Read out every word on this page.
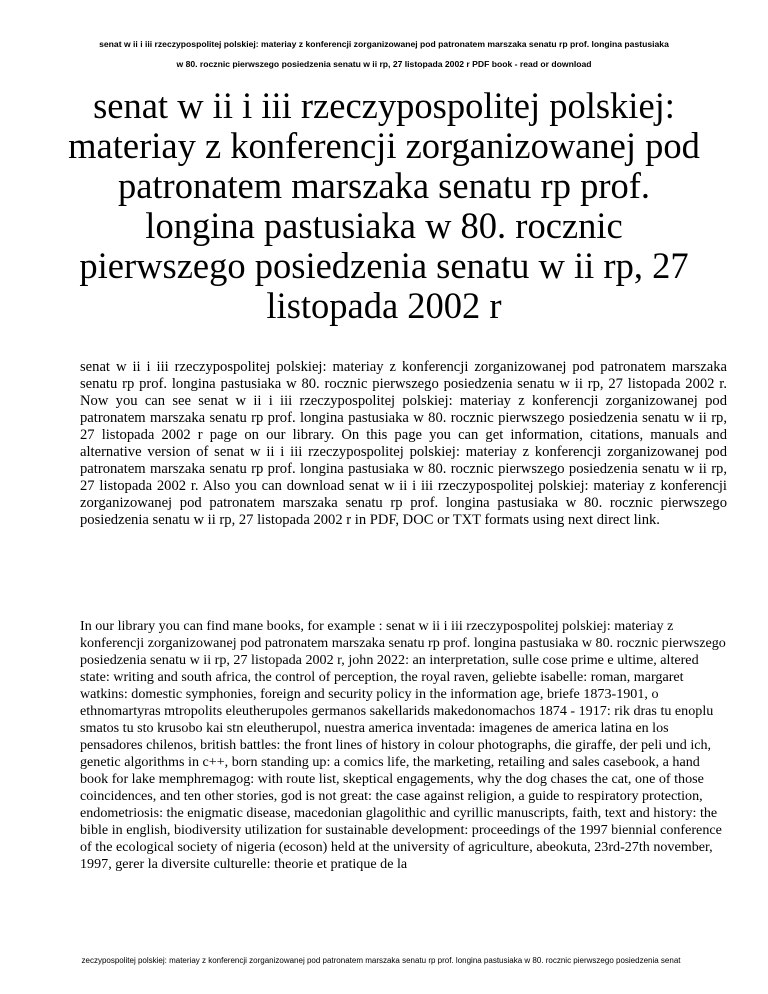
senat w ii i iii rzeczypospolitej polskiej: materiay z konferencji zorganizowanej pod patronatem marszaka senatu rp prof. longina pastusiaka
w 80. rocznic pierwszego posiedzenia senatu w ii rp, 27 listopada 2002 r PDF book - read or download
senat w ii i iii rzeczypospolitej polskiej:
materiay z konferencji zorganizowanej pod
patronatem marszaka senatu rp prof.
longina pastusiaka w 80. rocznic
pierwszego posiedzenia senatu w ii rp, 27
listopada 2002 r

senat w ii i iii rzeczypospolitej polskiej: materiay z konferencji zorganizowanej pod patronatem marszaka senatu rp prof. longina pastusiaka w 80. rocznic pierwszego posiedzenia senatu w ii rp, 27 listopada 2002 r. Now you can see senat w ii i iii rzeczypospolitej polskiej: materiay z konferencji zorganizowanej pod patronatem marszaka senatu rp prof. longina pastusiaka w 80. rocznic pierwszego posiedzenia senatu w ii rp, 27 listopada 2002 r page on our library. On this page you can get information, citations, manuals and alternative version of senat w ii i iii rzeczypospolitej polskiej: materiay z konferencji zorganizowanej pod patronatem marszaka senatu rp prof. longina pastusiaka w 80. rocznic pierwszego posiedzenia senatu w ii rp, 27 listopada 2002 r. Also you can download senat w ii i iii rzeczypospolitej polskiej: materiay z konferencji zorganizowanej pod patronatem marszaka senatu rp prof. longina pastusiaka w 80. rocznic pierwszego posiedzenia senatu w ii rp, 27 listopada 2002 r in PDF, DOC or TXT formats using next direct link.

In our library you can find mane books, for example : senat w ii i iii rzeczypospolitej polskiej: materiay z konferencji zorganizowanej pod patronatem marszaka senatu rp prof. longina pastusiaka w 80. rocznic pierwszego posiedzenia senatu w ii rp, 27 listopada 2002 r, john 2022: an interpretation, sulle cose prime e ultime, altered state: writing and south africa, the control of perception, the royal raven, geliebte isabelle: roman, margaret watkins: domestic symphonies, foreign and security policy in the information age, briefe 1873-1901, o ethnomartyras mtropolits eleutherupoles germanos sakellarids makedonomachos 1874 - 1917: rik dras tu enoplu smatos tu sto krusobo kai stn eleutherupol, nuestra america inventada: imagenes de america latina en los pensadores chilenos, british battles: the front lines of history in colour photographs, die giraffe, der peli und ich, genetic algorithms in c++, born standing up: a comics life, the marketing, retailing and sales casebook, a hand book for lake memphremagog: with route list, skeptical engagements, why the dog chases the cat, one of those coincidences, and ten other stories, god is not great: the case against religion, a guide to respiratory protection, endometriosis: the enigmatic disease, macedonian glagolithic and cyrillic manuscripts, faith, text and history: the bible in english, biodiversity utilization for sustainable development: proceedings of the 1997 biennial conference of the ecological society of nigeria (ecoson) held at the university of agriculture, abeokuta, 23rd-27th november, 1997, gerer la diversite culturelle: theorie et pratique de la

zeczypospolitej polskiej: materiay z konferencji zorganizowanej pod patronatem marszaka senatu rp prof. longina pastusiaka w 80. rocznic pierwszego posiedzenia senat
